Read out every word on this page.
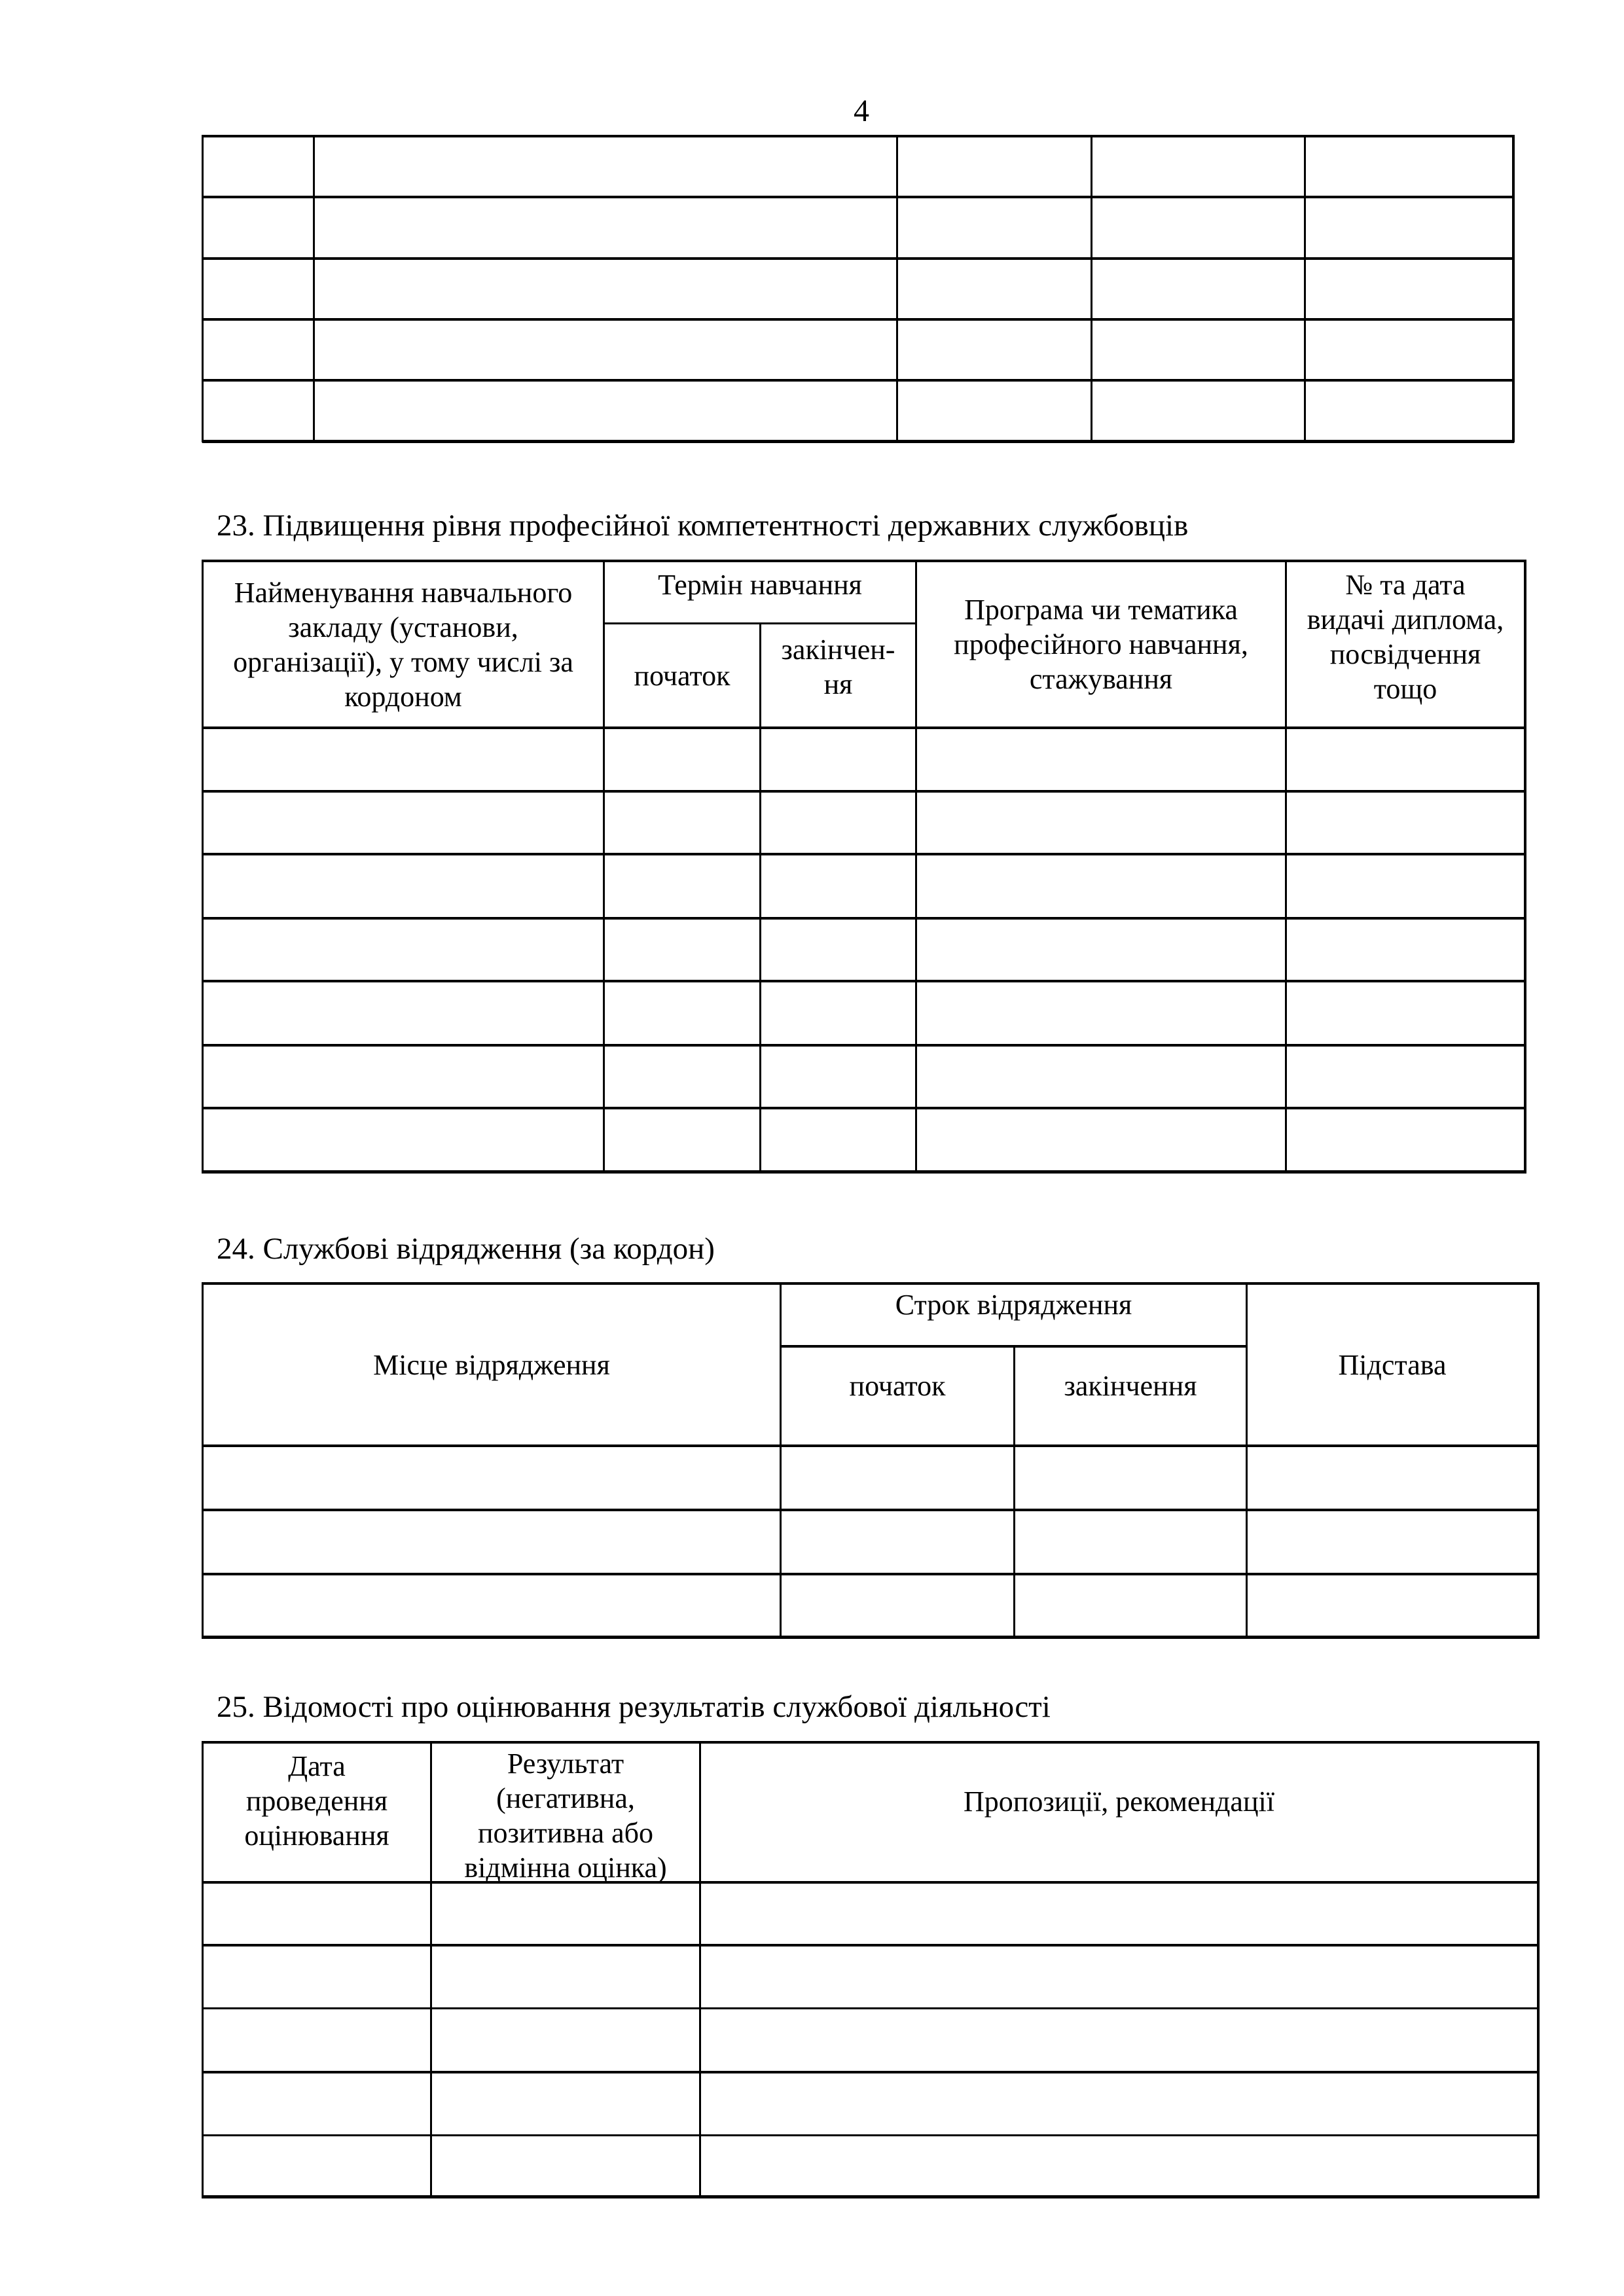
4
23. Підвищення рівня професійної компетентності державних службовців
Найменування навчального
закладу (установи,
організації), у тому числі за
кордоном
Термін навчання
початок
закінчен-
ня
Програма чи тематика
професійного навчання,
стажування
№ та дата
видачі диплома,
посвідчення
тощо
24. Службові відрядження (за кордон)
Місце відрядження
Строк відрядження
початок	закінчення
Підстава
25. Відомості про оцінювання результатів службової діяльності
Дата
проведення
оцінювання
Результат
(негативна,
позитивна або
відмінна оцінка)
Пропозиції, рекомендації
